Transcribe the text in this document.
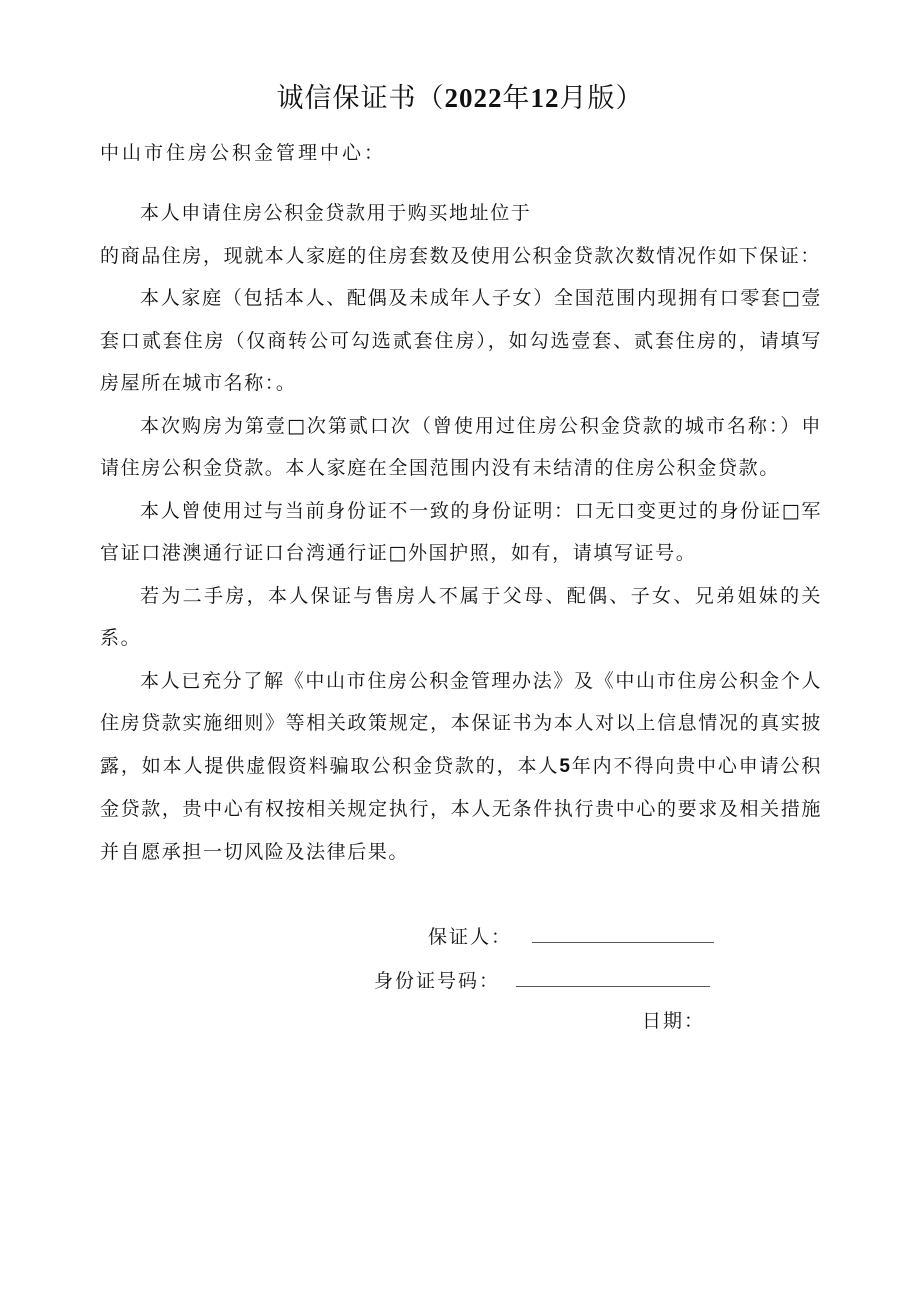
诚信保证书（2022年12月版）
中山市住房公积金管理中心：

本人申请住房公积金贷款用于购买地址位于

的商品住房，现就本人家庭的住房套数及使用公积金贷款次数情况作如下保证：

本人家庭（包括本人、配偶及未成年人子女）全国范围内现拥有口零套□壹套口贰套住房（仅商转公可勾选贰套住房），如勾选壹套、贰套住房的，请填写房屋所在城市名称：。

本次购房为第壹□次第贰口次（曾使用过住房公积金贷款的城市名称：）申请住房公积金贷款。本人家庭在全国范围内没有未结清的住房公积金贷款。

本人曾使用过与当前身份证不一致的身份证明：口无口变更过的身份证□军官证口港澳通行证口台湾通行证□外国护照，如有，请填写证号。

若为二手房，本人保证与售房人不属于父母、配偶、子女、兄弟姐妹的关系。

本人已充分了解《中山市住房公积金管理办法》及《中山市住房公积金个人住房贷款实施细则》等相关政策规定，本保证书为本人对以上信息情况的真实披露，如本人提供虚假资料骗取公积金贷款的，本人5年内不得向贵中心申请公积金贷款，贵中心有权按相关规定执行，本人无条件执行贵中心的要求及相关措施并自愿承担一切风险及法律后果。

保证人：
身份证号码：
日期：
